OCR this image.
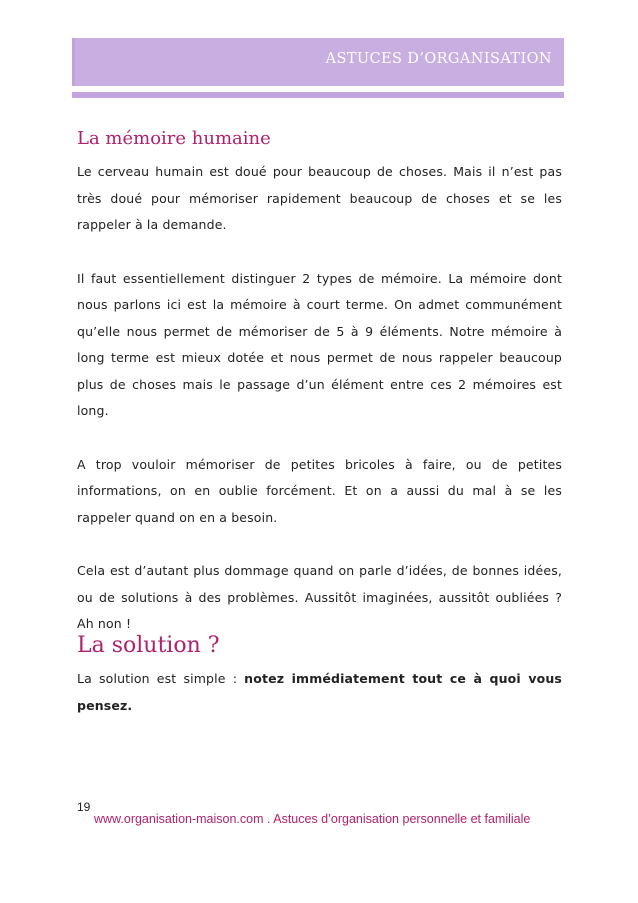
ASTUCES D’ORGANISATION
La mémoire humaine

Le cerveau humain est doué pour beaucoup de choses. Mais il n’est pas très doué pour mémoriser rapidement beaucoup de choses et se les rappeler à la demande.

Il faut essentiellement distinguer 2 types de mémoire. La mémoire dont nous parlons ici est la mémoire à court terme. On admet communément qu’elle nous permet de mémoriser de 5 à 9 éléments. Notre mémoire à long terme est mieux dotée et nous permet de nous rappeler beaucoup plus de choses mais le passage d’un élément entre ces 2 mémoires est long.

A trop vouloir mémoriser de petites bricoles à faire, ou de petites informations, on en oublie forcément. Et on a aussi du mal à se les rappeler quand on en a besoin.

Cela est d’autant plus dommage quand on parle d’idées, de bonnes idées, ou de solutions à des problèmes. Aussitôt imaginées, aussitôt oubliées ? Ah non !

La solution ?

La solution est simple : notez immédiatement tout ce à quoi vous pensez.

19
www.organisation-maison.com . Astuces d’organisation personnelle et familiale
